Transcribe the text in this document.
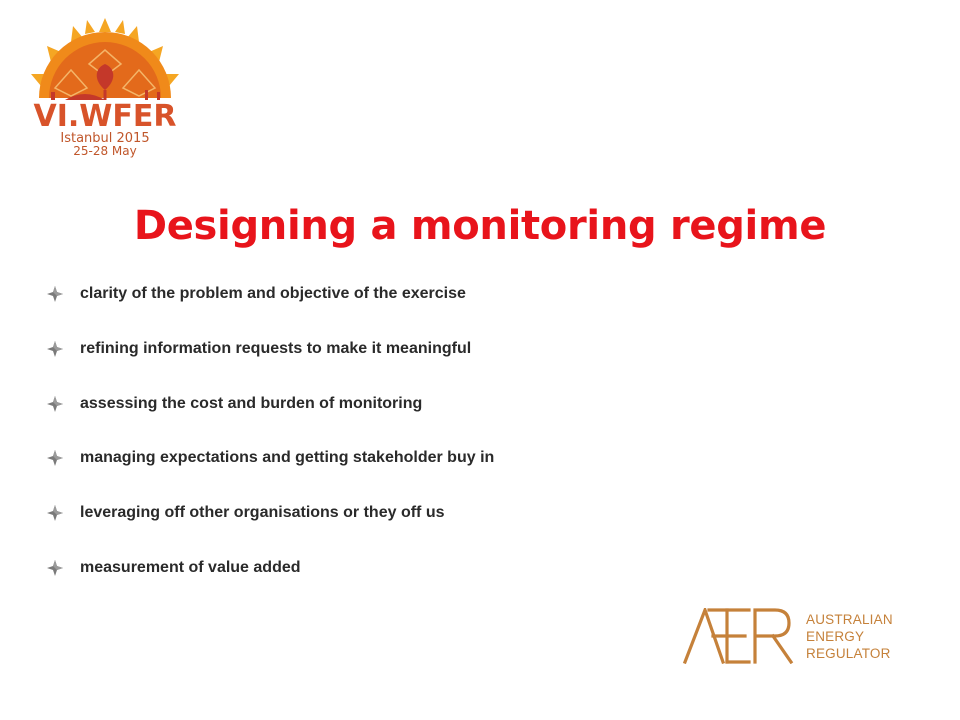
VI.WFER
Istanbul 2015
25-28 May
Designing a monitoring regime
clarity of the problem and objective of the exercise
refining information requests to make it meaningful
assessing the cost and burden of monitoring
managing expectations and getting stakeholder buy in
leveraging off other organisations or they off us
measurement of value added
AUSTRALIAN
ENERGY
REGULATOR
